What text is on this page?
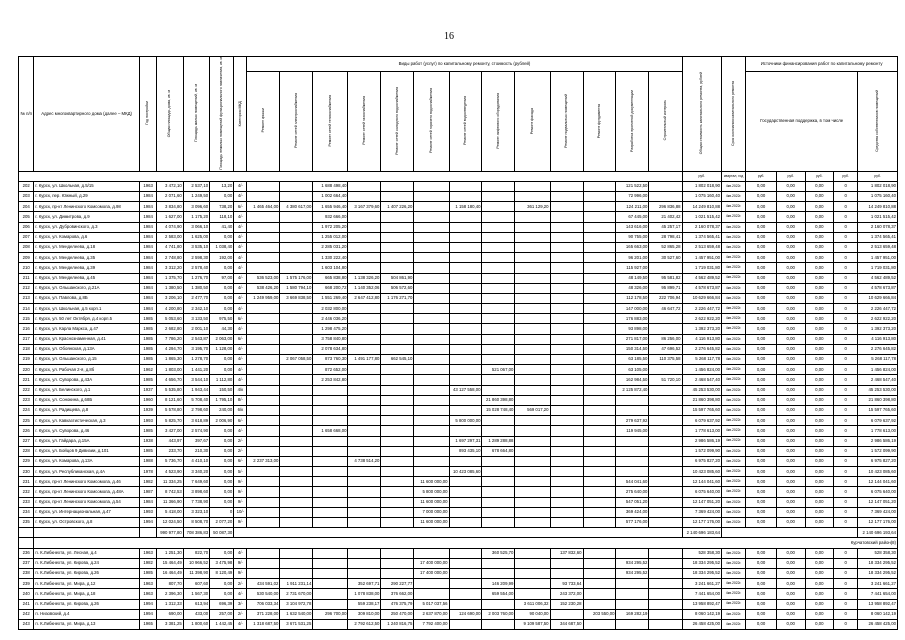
16
№ п/п	Адрес многоквартирного дома (далее – МКД)	Год постройки	Общая площадь дома, кв. м	Площадь жилых помещений, кв. м	Площадь нежилых помещений функционального назначения, кв. м	Категория МКД	Виды работ (услуг) по капитальному ремонту, стоимость (рублей)													Общая стоимость капитального ремонта, рублей	Срок окончания капитального ремонта	Источники финансирования работ по капитальному ремонту				
							Ремонт крыши	Ремонт сетей электроснабжения	Ремонт сетей теплоснабжения	Ремонт сетей газоснабжения	Ремонт сетей холодного водоснабжения	Ремонт сетей горячего водоснабжения	Ремонт сетей водоотведения	Ремонт лифтового оборудования	Ремонт фасада	Ремонт подвальных помещений	Ремонт фундамента	Разработка проектной документации	Строительный контроль			Государственная поддержка, в том числе				Средства собственников помещений
																				руб.	квартал, год	руб.	руб.	руб.	руб.	руб.
202	г. Курск, ул. Школьная, д.5/15	1963	3 472,10	2 537,10	13,20	4/-			1 688 498,40									121 522,50		1 802 018,90	4кв.2022г.	0,00	0,00	0,00	0	1 802 018,90
203	г. Курск, пер. Южный, д.29	1984	2 071,60	1 249,50	0,00	4/-			1 002 664,40									72 996,00		1 075 160,40	4кв.2022г.	0,00	0,00	0,00	0	1 075 160,40
204	г. Курск, пр-кт Ленинского Комсомола, д.98	1984	3 834,80	3 096,60	738,20	6/-	1 465 464,00	4 380 617,00	1 655 946,40	3 167 379,60	1 407 226,20		1 158 180,40		361 129,20			124 211,00	296 836,88	14 249 810,88	4кв.2022г.	0,00	0,00	0,00	0	14 249 810,88
205	г. Курск, ул. Димитрова, д.9	1984	1 627,00	1 175,20	118,10	4/-			932 666,00									67 445,00	21 402,42	1 021 515,42	4кв.2022г.	0,00	0,00	0,00	0	1 021 515,42
206	г. Курск, ул. Дубровинского, д.3	1984	4 074,90	3 066,10	41,40	4/-			1 972 205,20									143 616,00	45 257,17	2 160 078,37	4кв.2022г.	0,00	0,00	0,00	0	2 160 078,37
207	г. Курск, ул. Комарова, д.6	1984	2 583,00	1 625,00	0,00	4/-			1 255 012,00									90 755,00	28 798,41	1 374 565,41	4кв.2022г.	0,00	0,00	0,00	0	1 374 565,41
208	г. Курск, ул. Менделеева, д.18	1984	4 741,80	3 535,10	1 038,40	4/-			2 285 031,20									165 663,00	52 865,28	2 513 659,48	4кв.2022г.	0,00	0,00	0,00	0	2 513 659,48
209	г. Курск, ул. Менделеева, д.35	1984	2 748,80	2 598,30	192,00	4/-			1 330 222,40									96 201,00	30 527,60	1 457 951,00	4кв.2022г.	0,00	0,00	0,00	0	1 457 951,00
210	г. Курск, ул. Менделеева, д.39	1984	3 312,20	2 578,40	0,00	4/-			1 603 104,80									115 927,00		1 719 031,80	4кв.2022г.	0,00	0,00	0,00	0	1 719 031,80
211	г. Курск, ул. Менделеева, д.45	1984	1 375,70	1 276,70	97,00	4/-	536 523,00	1 575 176,00	665 838,80	1 138 326,20	504 861,90							48 149,50	95 581,82	4 562 489,52	4кв.2022г.	0,00	0,00	0,00	0	4 562 489,52
212	г. Курск, ул. Ольшанского, д.21А	1984	1 380,50	1 380,50	0,00	4/-	538 426,20	1 580 794,10	668 200,72	1 140 352,06	506 572,60							48 326,00	95 899,71	4 578 673,87	4кв.2022г.	0,00	0,00	0,00	0	4 578 673,87
213	г. Курск, ул. Павлова, д.8Б	1984	3 206,10	2 477,70	0,00	4/-	1 249 959,00	3 669 838,50	1 551 269,40	2 647 412,80	1 176 271,70							112 178,50	222 706,94	10 629 666,84	4кв.2022г.	0,00	0,00	0,00	0	10 629 666,84
214	г. Курск, ул. Школьная, д.5 корп.1	1984	4 200,80	2 342,10	0,00	4/-			2 032 800,00									147 000,00	46 647,72	2 226 447,72	4кв.2022г.	0,00	0,00	0,00	0	2 226 447,72
215	г. Курск, ул. 50 лет Октября, д.4 корп.5	1985	5 053,60	3 133,50	975,50	6/-			2 446 036,20									176 883,00		2 622 922,20	4кв.2022г.	0,00	0,00	0,00	0	2 622 922,20
216	г. Курск, ул. Карла Маркса, д.47	1985	2 682,80	2 001,10	44,30	4/-			1 298 475,20									93 898,00		1 392 373,20	4кв.2022г.	0,00	0,00	0,00	0	1 392 373,20
217	г. Курск, ул. Краснознаменная, д.41	1985	7 786,20	2 543,87	2 063,00	6/-			3 758 840,80									271 817,00	86 256,00	4 116 913,80	4кв.2022г.	0,00	0,00	0,00	0	4 116 913,80
218	г. Курск, ул. Обоянская, д.13А	1985	4 294,70	3 195,70	1 128,00	4/-			2 078 634,80									150 314,50	47 696,52	2 276 645,82	4кв.2022г.	0,00	0,00	0,00	0	2 276 645,82
219	г. Курск, ул. Ольшанского, д.15	1985	1 865,30	1 278,70	0,00	4/-		2 067 058,50	873 760,30	1 491 177,80	662 545,10							63 185,50	110 375,58	5 268 117,78	4кв.2022г.	0,00	0,00	0,00	0	5 268 117,78
220	г. Курск, ул. Рабочая 2-я, д.8б	1962	1 803,00	1 441,20	0,00	4/-			872 652,00					521 067,00				63 105,00		1 456 824,00	4кв.2022г.	0,00	0,00	0,00	0	1 456 824,00
221	г. Курск, ул. Суворова, д.43А	1985	4 656,70	3 544,10	1 112,80	4/-			2 253 842,80									162 984,50	51 720,10	2 468 547,40	4кв.2022г.	0,00	0,00	0,00	0	2 468 547,40
222	г. Курск, ул. Белинского, д.1	1937	5 535,80	1 943,44	150,50	4/к							43 127 558,00					2 125 872,40		45 253 530,00	4кв.2022г.	0,00	0,00	0,00	0	45 253 530,00
223	г. Курск, ул. Сонокина, д.68Б	1960	8 121,60	5 708,40	1 795,10	8/-								21 860 398,80						21 860 398,80	4кв.2022г.	0,00	0,00	0,00	0	21 860 398,80
224	г. Курск, ул. Радищева, д.8	1939	5 578,80	2 798,60	240,00	6/к								15 028 748,40	569 017,20					15 597 765,60	4кв.2022г.	0,00	0,00	0,00	0	15 597 765,60
225	г. Курск, ул. Кавказтистическая, д.3	1993	5 825,70	3 618,89	2 006,90	6/-							5 800 000,00					279 637,92		6 079 637,92	4кв.2022г.	0,00	0,00	0,00	0	6 079 637,92
226	г. Курск, ул. Суворова, д.46	1985	3 427,00	2 574,90	0,00	4/-			1 658 668,00									119 945,00		1 778 613,00	4кв.2022г.	0,00	0,00	0,00	0	1 778 613,00
227	г. Курск, ул. Гайдара, д.15А	1938	443,97	397,67	0,00	2/-							1 697 297,31	1 289 288,88						2 986 586,19	4кв.2022г.	0,00	0,00	0,00	0	2 986 586,19
228	г. Курск, ул. Бойцов 9 Дивизии, д.101	1985	233,70	210,30	0,00	2/-							893 435,10	678 664,80						1 572 099,90	4кв.2022г.	0,00	0,00	0,00	0	1 572 099,90
229	г. Курск, ул. Комарова, д.13А	1988	5 736,70	4 410,10	0,00	6/-	2 237 313,00			4 738 514,20										6 975 827,20	4кв.2022г.	0,00	0,00	0,00	0	6 975 827,20
230	г. Курск, ул. Республиканская, д.4А	1978	4 523,90	3 340,20	0,00	5/-							10 423 085,60							10 423 085,60	4кв.2022г.	0,00	0,00	0,00	0	10 423 085,60
231	г. Курск, пр-кт Ленинского Комсомола, д.46	1982	11 334,25	7 649,60	0,00	9/-						11 600 000,00						544 041,60		12 144 041,60	4кв.2022г.	0,00	0,00	0,00	0	12 144 041,60
232	г. Курск, пр-кт Ленинского Комсомола, д.48А	1987	8 742,53	3 898,60	0,00	9/-						5 800 000,00						275 640,00		6 075 640,00	4кв.2022г.	0,00	0,00	0,00	0	6 075 640,00
233	г. Курск, пр-кт Ленинского Комсомола, д.54	1984	11 366,90	7 738,90	0,00	9/-						11 600 000,00						547 051,20		12 147 051,20	4кв.2022г.	0,00	0,00	0,00	0	12 147 051,20
234	г. Курск, ул. Интернациональная, д.47	1993	5 418,00	3 323,10	0	10/-						7 000 000,00						369 424,00		7 369 424,00	4кв.2022г.	0,00	0,00	0,00	0	7 369 424,00
235	г. Курск, ул. Островского, д.8	1994	12 024,50	8 508,70	2 077,20	9/-						11 600 000,00						577 176,00		12 177 176,00	4кв.2022г.	0,00	0,00	0,00	0	12 177 176,00
			990 977,80	708 386,83	50 087,30															2 140 696 183,64						2 140 696 193,64
	Курчатовский район(8)																									
236	п. К.Либкнехта, ул. Лесная, д.4	1963	1 251,30	822,70	0,00	4/-								360 525,70		137 832,60				528 358,30	4кв.2022г.	0,00	0,00	0,00	0	528 358,30
237	п. К.Либкнехта, ул. Кирова, д.24	1982	15 464,49	10 966,52	3 475,98	9/-						17 400 000,00						934 295,52		18 334 295,52	4кв.2022г.	0,00	0,00	0,00	0	18 334 295,52
238	п. К.Либкнехта, ул. Кирова, д.26	1985	16 464,49	11 398,90	8 120,49	9/-						17 400 000,00						934 295,52		18 334 295,52	4кв.2022г.	0,00	0,00	0,00	0	18 334 295,52
239	п. К.Либкнехта, ул. Мира, д.12	1963	807,70	607,60	0,00	2/-	434 591,02	1 911 231,14		352 697,71	290 227,77			146 209,99		93 733,64				3 241 661,27	4кв.2022г.	0,00	0,00	0,00	0	3 241 661,27
240	п. К.Либкнехта, ул. Мира, д.18	1963	2 396,30	1 567,30	0,00	4/-	530 540,00	2 731 670,00		1 078 838,00	376 662,00			659 554,00		243 372,00				7 441 654,00	4кв.2022г.	0,00	0,00	0,00	0	7 441 654,00
241	п. К.Либкнехта, ул. Кирова, д.26	1994	1 312,33	613,94	696,39	3/-	706 033,34	3 104 972,78		559 238,17	476 375,79	5 017 037,56			3 611 006,32	152 230,28				13 958 892,47	4кв.2022г.	0,00	0,00	0,00	0	13 958 892,47
242	п. Низовский, д.4	1994	690,00	433,00	257,00	2/-	371 228,00	1 632 540,00	296 700,00	309 810,00	250 470,00	2 637 870,00	124 690,00	2 003 760,00	90 040,00		203 550,00	169 282,19		8 060 142,19	4кв.2022г.	0,00	0,00	0,00	0	8 060 142,19
243	п. К.Либкнехта, ул. Мира, д.13	1965	3 381,25	1 800,60	1 442,45	4/-	1 318 687,50	3 671 531,25		2 792 612,50	1 240 816,75	7 792 400,00			9 109 587,50	344 687,50				26 458 425,00	4кв.2022г.	0,00	0,00	0,00	0	26 458 425,00
